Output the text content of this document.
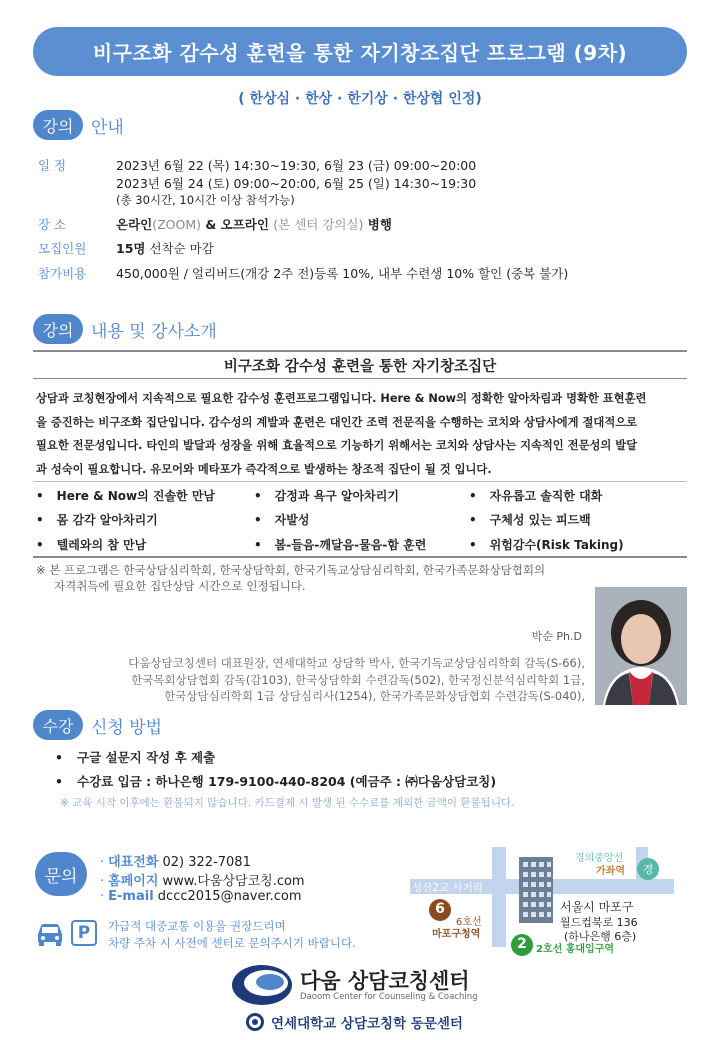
비구조화 감수성 훈련을 통한 자기창조집단 프로그램 (9차)
( 한상심 · 한상 · 한기상 · 한상협 인정)
강의	안내
일 정	2023년 6월 22 (목) 14:30~19:30, 6월 23 (금) 09:00~20:00
2023년 6월 24 (토) 09:00~20:00, 6월 25 (일) 14:30~19:30
(총 30시간, 10시간 이상 참석가능)
장 소	온라인(ZOOM) & 오프라인 (본 센터 강의실) 병행
모집인원	15명 선착순 마감
참가비용	450,000원 / 얼리버드(개강 2주 전)등록 10%, 내부 수련생 10% 할인 (중복 불가)
강의	내용 및 강사소개
비구조화 감수성 훈련을 통한 자기창조집단

상담과 코칭현장에서 지속적으로 필요한 감수성 훈련프로그램입니다. Here & Now의 정확한 알아차림과 명확한 표현훈련

을 증진하는 비구조화 집단입니다. 감수성의 계발과 훈련은 대인간 조력 전문직을 수행하는 코치와 상담사에게 절대적으로

필요한 전문성입니다. 타인의 발달과 성장을 위해 효율적으로 기능하기 위해서는 코치와 상담사는 지속적인 전문성의 발달

과 성숙이 필요합니다. 유모어와 메타포가 즉각적으로 발생하는 창조적 집단이 될 것 입니다.

• Here & Now의 진솔한 만남	• 감정과 욕구 알아차리기	• 자유롭고 솔직한 대화
• 몸 감각 알아차리기	• 자발성	• 구체성 있는 피드백
• 텔레와의 참 만남	• 봄-들음-깨달음-물음-함 훈련	• 위험감수(Risk Taking)
※ 본 프로그램은 한국상담심리학회, 한국상담학회, 한국기독교상담심리학회, 한국가족문화상담협회의
자격취득에 필요한 집단상담 시간으로 인정됩니다.
박순 Ph.D
다움상담코칭센터 대표원장, 연세대학교 상담학 박사, 한국기독교상담심리학회 감독(S-66),
한국목회상담협회 감독(감103), 한국상담학회 수련감독(502), 한국정신분석심리학회 1급,
한국상담심리학회 1급 상담심리사(1254), 한국가족문화상담협회 수련감독(S-040),
수강	신청 방법
• 구글 설문지 작성 후 제출
• 수강료 입금 : 하나은행 179-9100-440-8204 (예금주 : ㈜다움상담코칭)
※ 교육 시작 이후에는 환불되지 않습니다. 카드결제 시 발생 된 수수료를 제외한 금액이 환불됩니다.
문의
· 대표전화 02) 322-7081
· 홈페이지 www.다움상담코칭.com
· E-mail dccc2015@naver.com
P	가급적 대중교통 이용을 권장드리며
차량 주차 시 사전에 센터로 문의주시기 바랍니다.
6
2
경
성산2교 사거리
6호선
마포구청역
2호선 홍대입구역
경의중앙선
가좌역
서울시 마포구
월드컵북로 136
(하나은행 6층)
다움 상담코칭센터
Daoom Center for Counseling & Coaching
연세대학교 상담코칭학 동문센터
